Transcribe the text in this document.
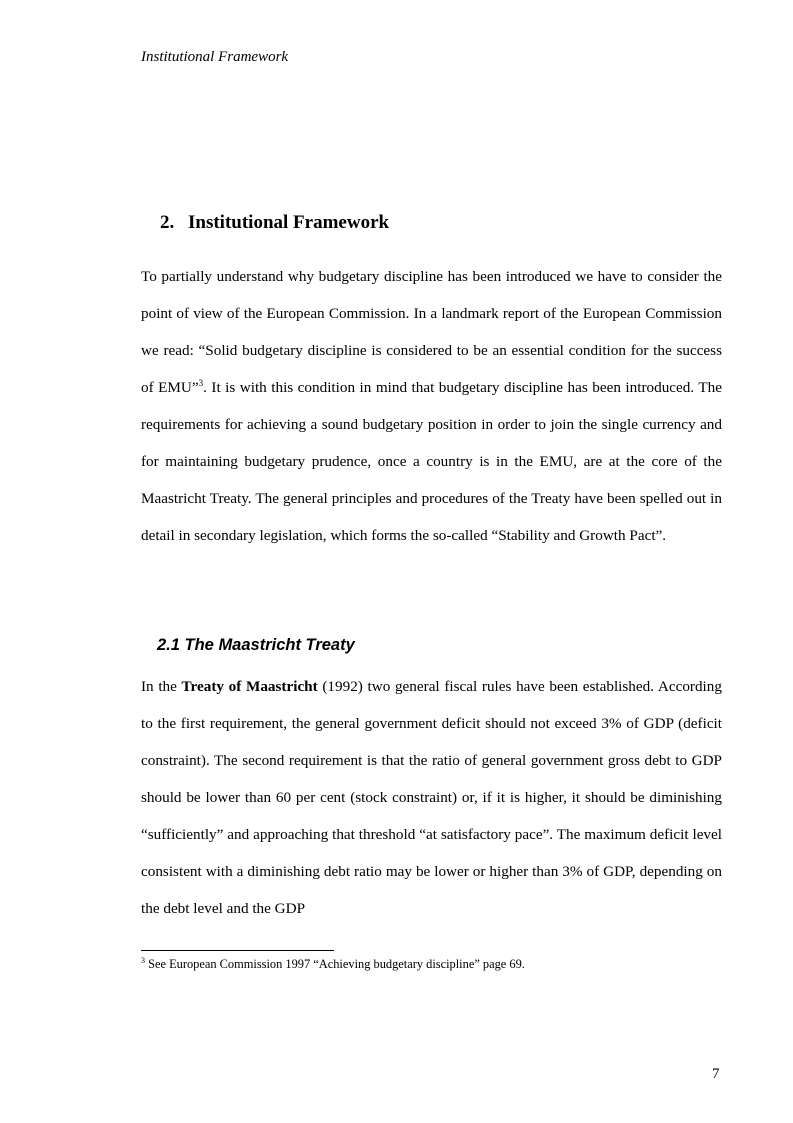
Institutional Framework
2. Institutional Framework

To partially understand why budgetary discipline has been introduced we have to consider the point of view of the European Commission. In a landmark report of the European Commission we read: “Solid budgetary discipline is considered to be an essential condition for the success of EMU”$^3$. It is with this condition in mind that budgetary discipline has been introduced. The requirements for achieving a sound budgetary position in order to join the single currency and for maintaining budgetary prudence, once a country is in the EMU, are at the core of the Maastricht Treaty. The general principles and procedures of the Treaty have been spelled out in detail in secondary legislation, which forms the so-called “Stability and Growth Pact”.

2.1 The Maastricht Treaty

In the Treaty of Maastricht (1992) two general fiscal rules have been established. According to the first requirement, the general government deficit should not exceed 3% of GDP (deficit constraint). The second requirement is that the ratio of general government gross debt to GDP should be lower than 60 per cent (stock constraint) or, if it is higher, it should be diminishing “sufficiently” and approaching that threshold “at satisfactory pace”. The maximum deficit level consistent with a diminishing debt ratio may be lower or higher than 3% of GDP, depending on the debt level and the GDP

$^3$ See European Commission 1997 “Achieving budgetary discipline” page 69.
7
